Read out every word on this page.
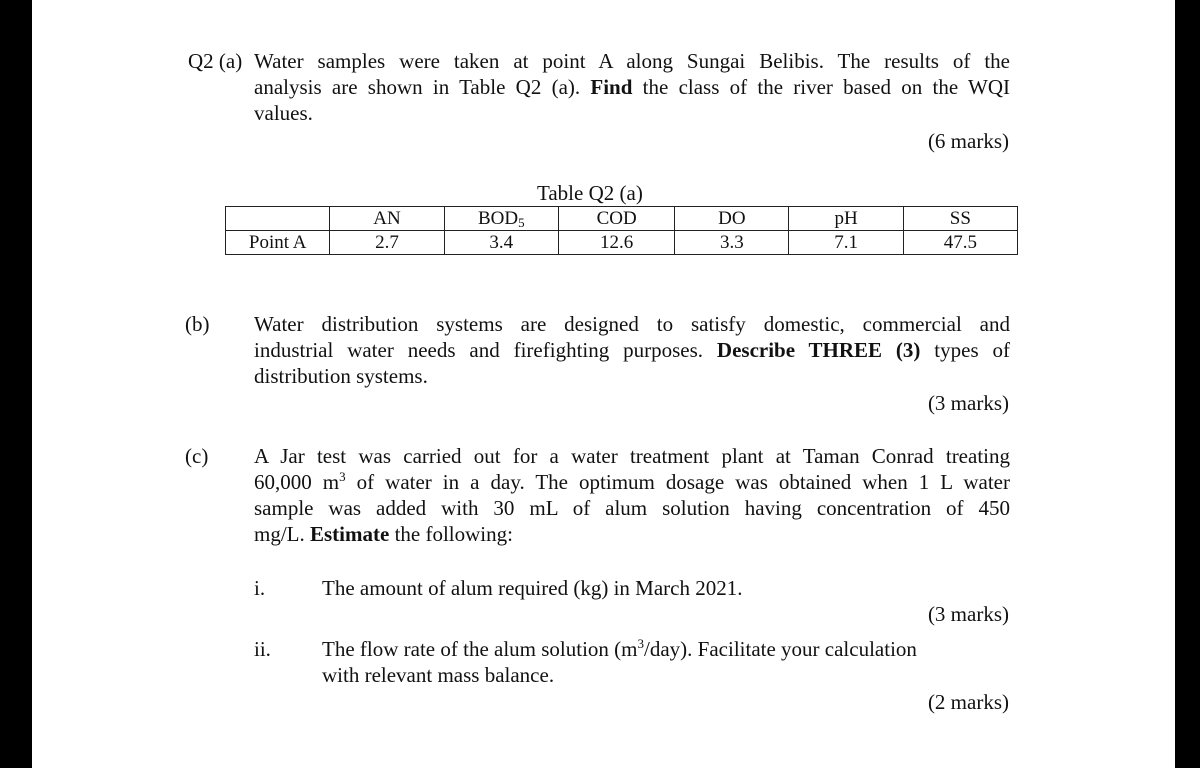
Q2 (a) Water samples were taken at point A along Sungai Belibis. The results of the
analysis are shown in Table Q2 (a). Find the class of the river based on the WQI
values.
(6 marks)
Table Q2 (a)
	AN	$BOD_5$	COD	DO	pH	SS
Point A	2.7	3.4	12.6	3.3	7.1	47.5
(b) Water distribution systems are designed to satisfy domestic, commercial and
industrial water needs and firefighting purposes. Describe THREE (3) types of
distribution systems.
(3 marks)
(c) A Jar test was carried out for a water treatment plant at Taman Conrad treating
60,000 $m^3$ of water in a day. The optimum dosage was obtained when 1 L water
sample was added with 30 mL of alum solution having concentration of 450
mg/L. Estimate the following:
i.	The amount of alum required (kg) in March 2021.
(3 marks)
ii. The flow rate of the alum solution $(m^3/day)$. Facilitate your calculation
with relevant mass balance.
(2 marks)
